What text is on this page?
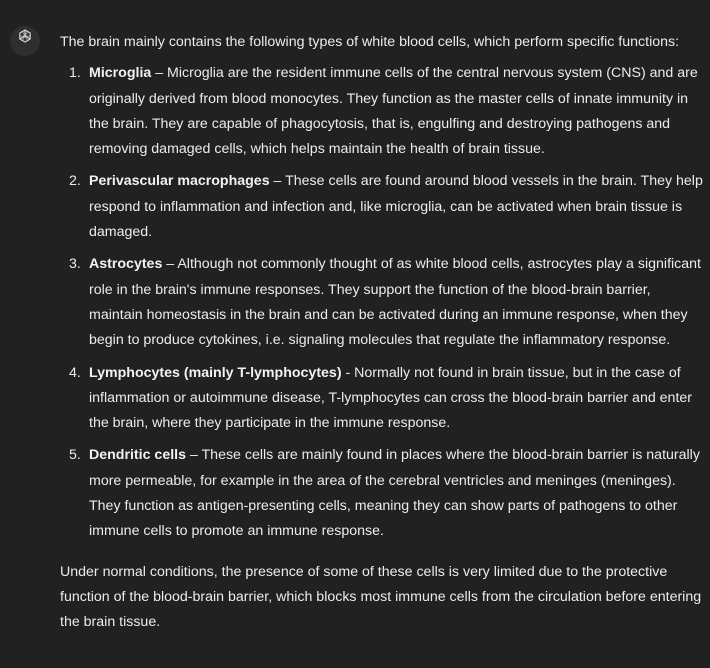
The brain mainly contains the following types of white blood cells, which perform specific functions:

1. Microglia – Microglia are the resident immune cells of the central nervous system (CNS) and are originally derived from blood monocytes. They function as the master cells of innate immunity in the brain. They are capable of phagocytosis, that is, engulfing and destroying pathogens and removing damaged cells, which helps maintain the health of brain tissue.
2. Perivascular macrophages – These cells are found around blood vessels in the brain. They help respond to inflammation and infection and, like microglia, can be activated when brain tissue is damaged.
3. Astrocytes – Although not commonly thought of as white blood cells, astrocytes play a significant role in the brain's immune responses. They support the function of the blood-brain barrier, maintain homeostasis in the brain and can be activated during an immune response, when they begin to produce cytokines, i.e. signaling molecules that regulate the inflammatory response.
4. Lymphocytes (mainly T-lymphocytes) - Normally not found in brain tissue, but in the case of inflammation or autoimmune disease, T-lymphocytes can cross the blood-brain barrier and enter the brain, where they participate in the immune response.
5. Dendritic cells – These cells are mainly found in places where the blood-brain barrier is naturally more permeable, for example in the area of the cerebral ventricles and meninges (meninges). They function as antigen-presenting cells, meaning they can show parts of pathogens to other immune cells to promote an immune response.

Under normal conditions, the presence of some of these cells is very limited due to the protective function of the blood-brain barrier, which blocks most immune cells from the circulation before entering the brain tissue.
